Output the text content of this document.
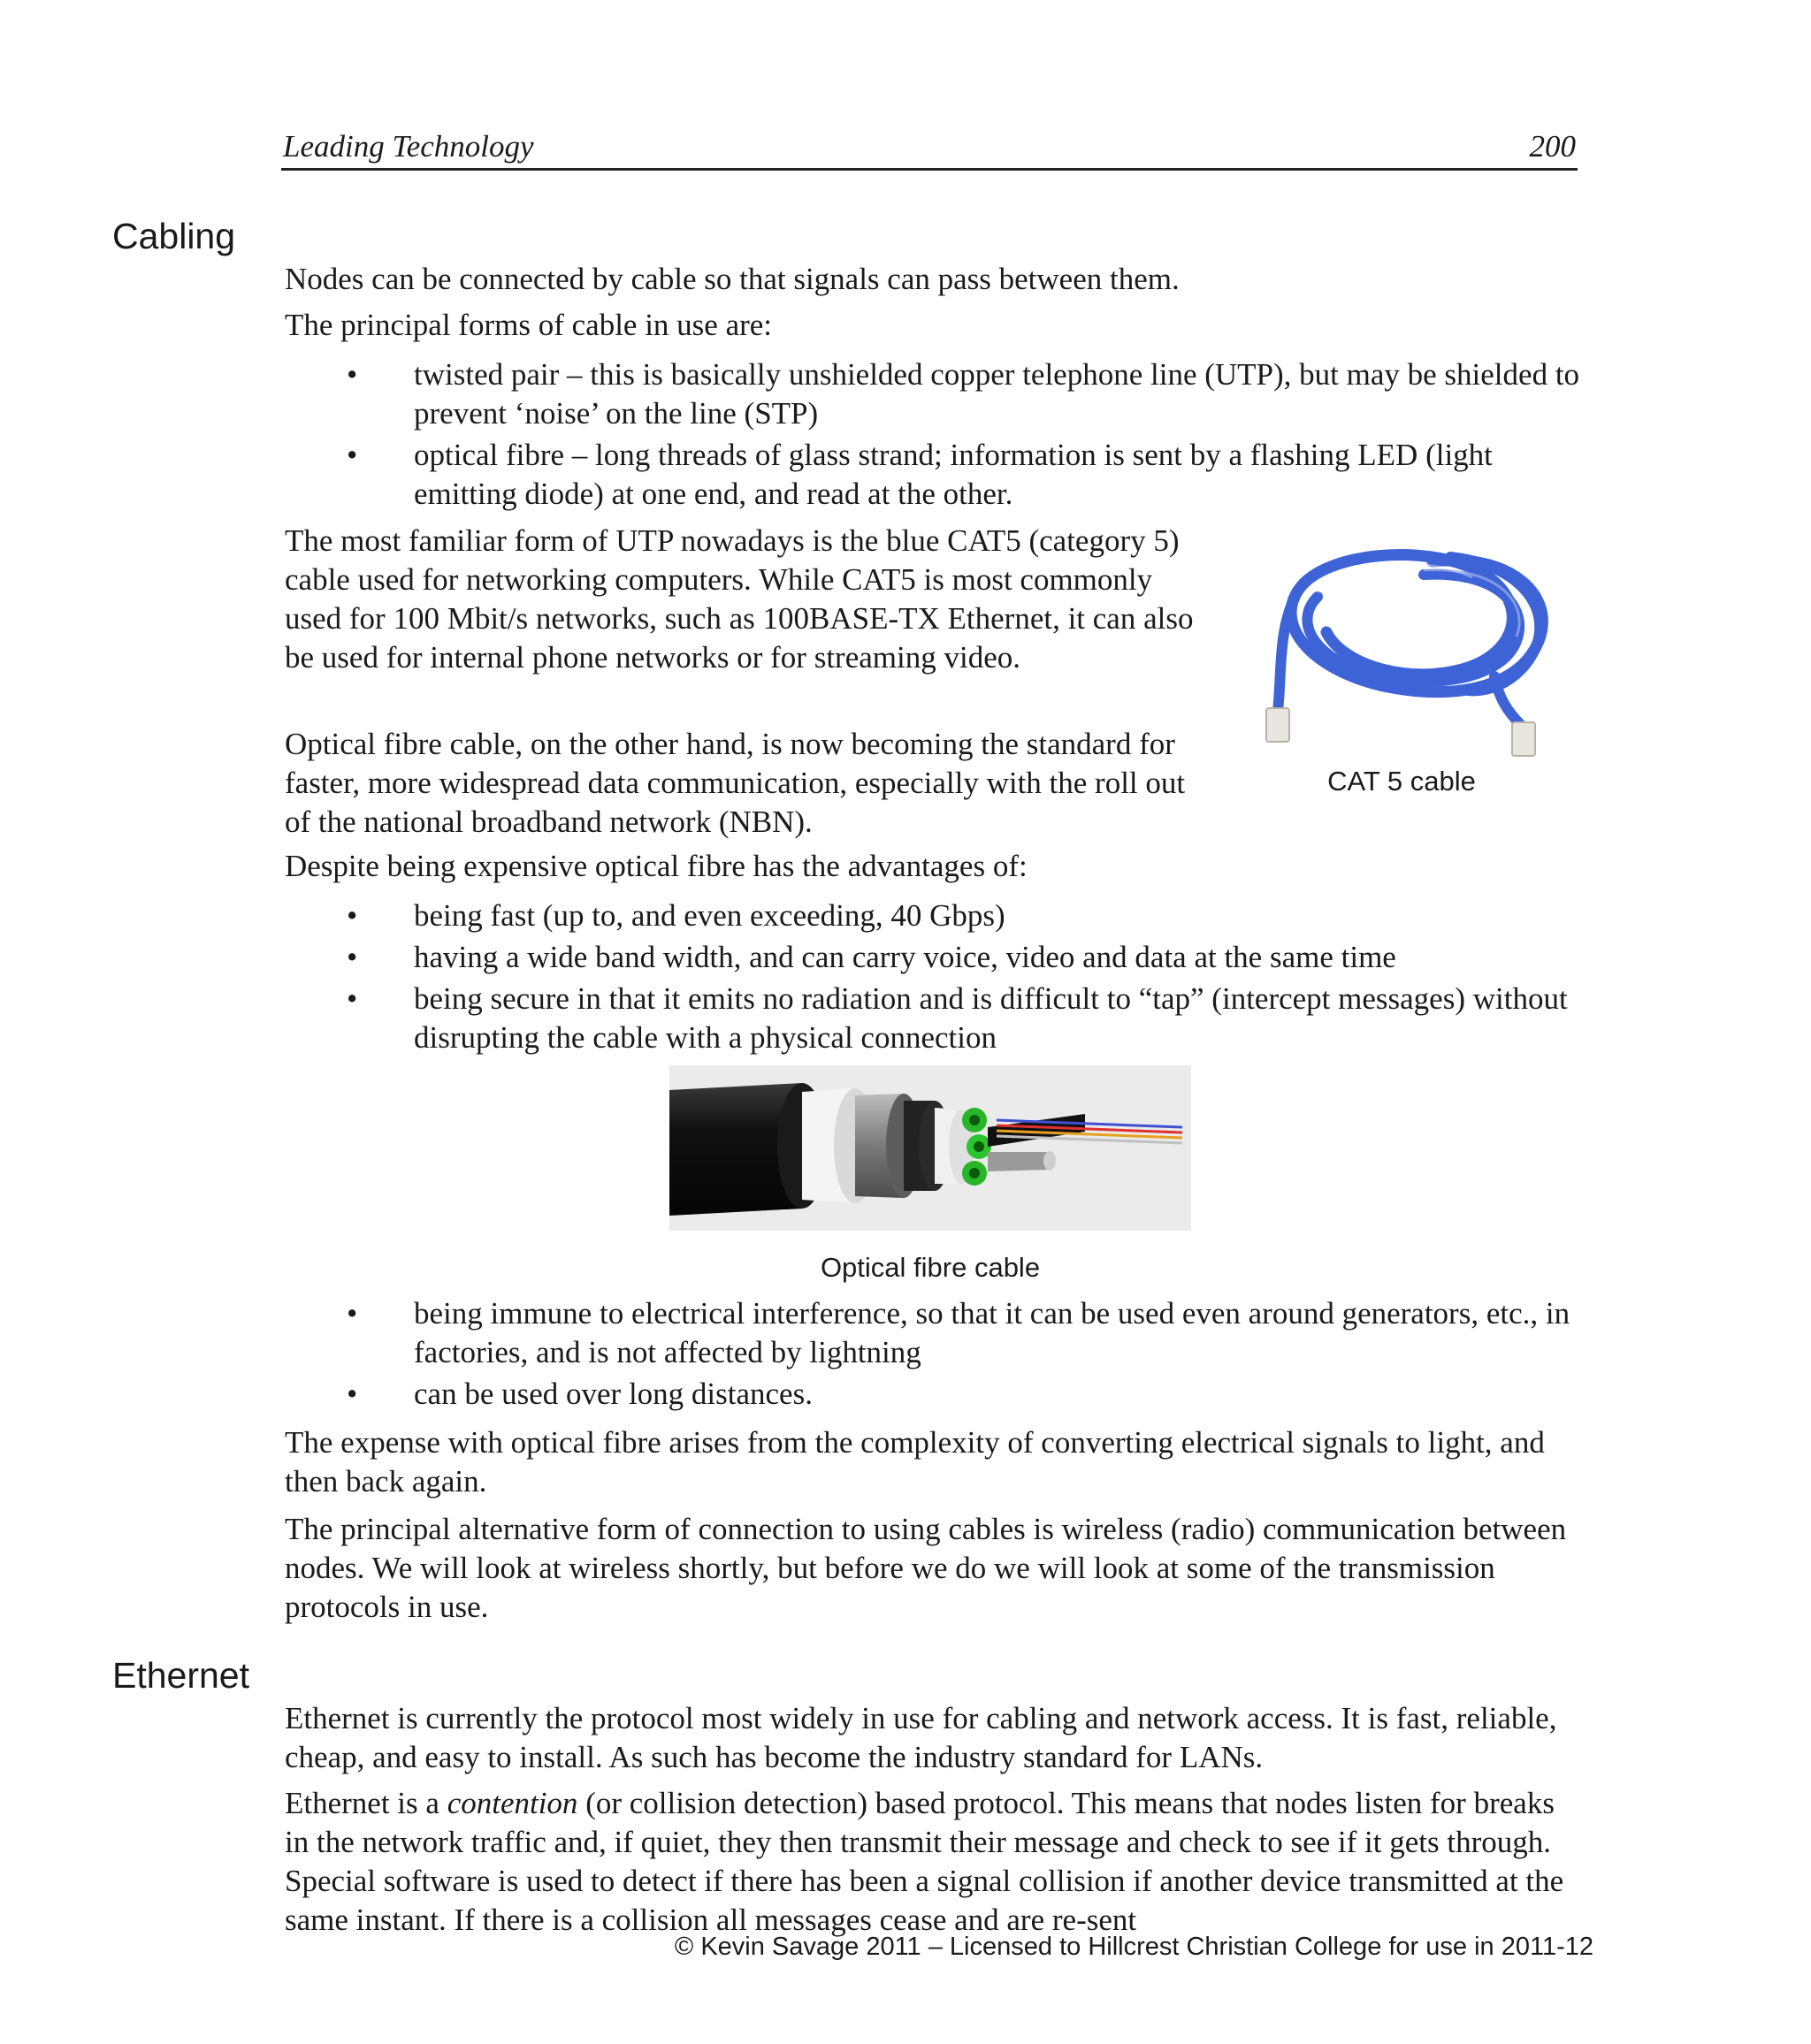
Leading Technology	200
Cabling

Nodes can be connected by cable so that signals can pass between them.

The principal forms of cable in use are:

• twisted pair – this is basically unshielded copper telephone line (UTP), but may be shielded to prevent ‘noise’ on the line (STP)
• optical fibre – long threads of glass strand; information is sent by a flashing LED (light emitting diode) at one end, and read at the other.

The most familiar form of UTP nowadays is the blue CAT5 (category 5) cable used for networking computers. While CAT5 is most commonly used for 100 Mbit/s networks, such as 100BASE-TX Ethernet, it can also be used for internal phone networks or for streaming video.

CAT 5 cable

Optical fibre cable, on the other hand, is now becoming the standard for faster, more widespread data communication, especially with the roll out of the national broadband network (NBN).

Despite being expensive optical fibre has the advantages of:

• being fast (up to, and even exceeding, 40 Gbps)
• having a wide band width, and can carry voice, video and data at the same time
• being secure in that it emits no radiation and is difficult to “tap” (intercept messages) without disrupting the cable with a physical connection
Optical fibre cable
• being immune to electrical interference, so that it can be used even around generators, etc., in factories, and is not affected by lightning
• can be used over long distances.

The expense with optical fibre arises from the complexity of converting electrical signals to light, and then back again.

The principal alternative form of connection to using cables is wireless (radio) communication between nodes. We will look at wireless shortly, but before we do we will look at some of the transmission protocols in use.

Ethernet

Ethernet is currently the protocol most widely in use for cabling and network access. It is fast, reliable, cheap, and easy to install. As such has become the industry standard for LANs.

Ethernet is a contention (or collision detection) based protocol. This means that nodes listen for breaks in the network traffic and, if quiet, they then transmit their message and check to see if it gets through. Special software is used to detect if there has been a signal collision if another device transmitted at the same instant. If there is a collision all messages cease and are re-sent

© Kevin Savage 2011 – Licensed to Hillcrest Christian College for use in 2011-12
